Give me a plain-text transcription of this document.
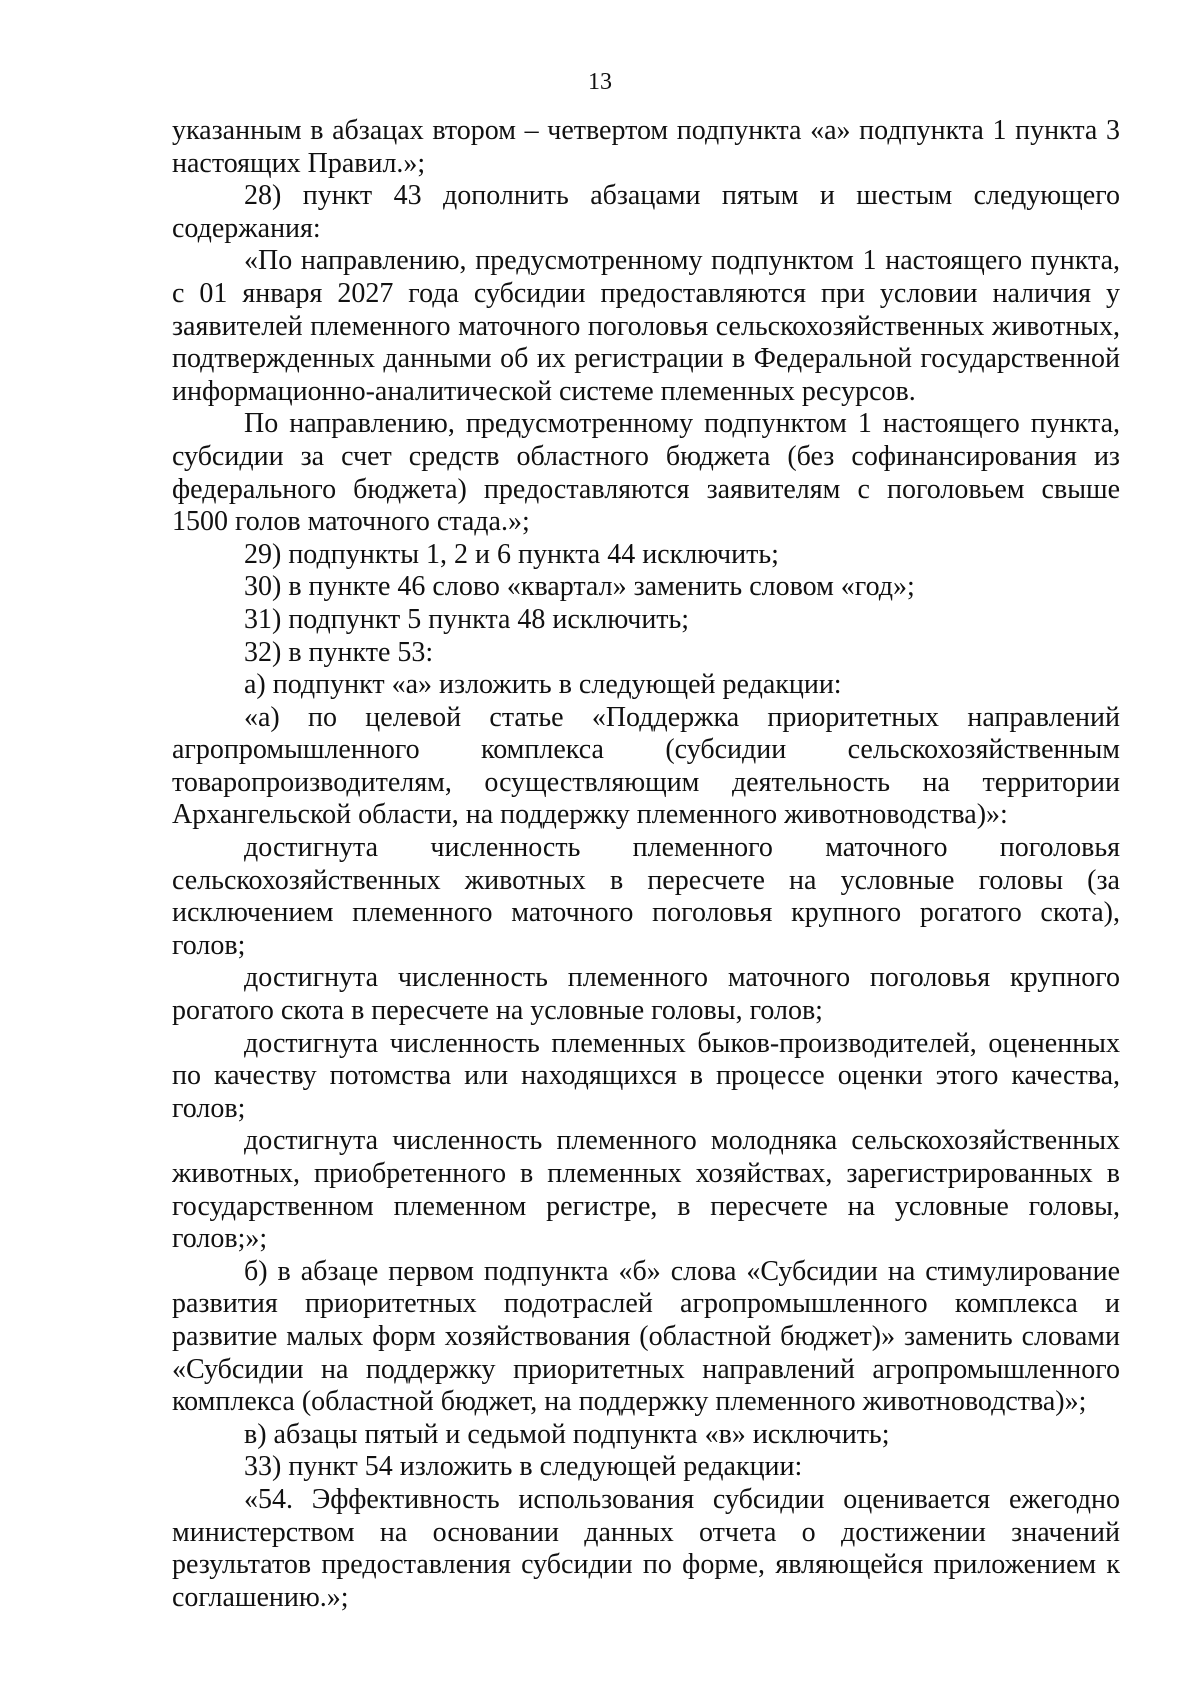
13

указанным в абзацах втором – четвертом подпункта «а» подпункта 1 пункта 3 настоящих Правил.»;

28) пункт 43 дополнить абзацами пятым и шестым следующего содержания:

«По направлению, предусмотренному подпунктом 1 настоящего пункта, с 01 января 2027 года субсидии предоставляются при условии наличия у заявителей племенного маточного поголовья сельскохозяйственных животных, подтвержденных данными об их регистрации в Федеральной государственной информационно-аналитической системе племенных ресурсов.

По направлению, предусмотренному подпунктом 1 настоящего пункта, субсидии за счет средств областного бюджета (без софинансирования из федерального бюджета) предоставляются заявителям с поголовьем свыше 1500 голов маточного стада.»;

29) подпункты 1, 2 и 6 пункта 44 исключить;

30) в пункте 46 слово «квартал» заменить словом «год»;

31) подпункт 5 пункта 48 исключить;

32) в пункте 53:

а) подпункт «а» изложить в следующей редакции:

«а) по целевой статье «Поддержка приоритетных направлений агропромышленного комплекса (субсидии сельскохозяйственным товаропроизводителям, осуществляющим деятельность на территории Архангельской области, на поддержку племенного животноводства)»:

достигнута численность племенного маточного поголовья сельскохозяйственных животных в пересчете на условные головы (за исключением племенного маточного поголовья крупного рогатого скота), голов;

достигнута численность племенного маточного поголовья крупного рогатого скота в пересчете на условные головы, голов;

достигнута численность племенных быков-производителей, оцененных по качеству потомства или находящихся в процессе оценки этого качества, голов;

достигнута численность племенного молодняка сельскохозяйственных животных, приобретенного в племенных хозяйствах, зарегистрированных в государственном племенном регистре, в пересчете на условные головы, голов;»;

б) в абзаце первом подпункта «б» слова «Субсидии на стимулирование развития приоритетных подотраслей агропромышленного комплекса и развитие малых форм хозяйствования (областной бюджет)» заменить словами «Субсидии на поддержку приоритетных направлений агропромышленного комплекса (областной бюджет, на поддержку племенного животноводства)»;

в) абзацы пятый и седьмой подпункта «в» исключить;

33) пункт 54 изложить в следующей редакции:

«54. Эффективность использования субсидии оценивается ежегодно министерством на основании данных отчета о достижении значений результатов предоставления субсидии по форме, являющейся приложением к соглашению.»;
